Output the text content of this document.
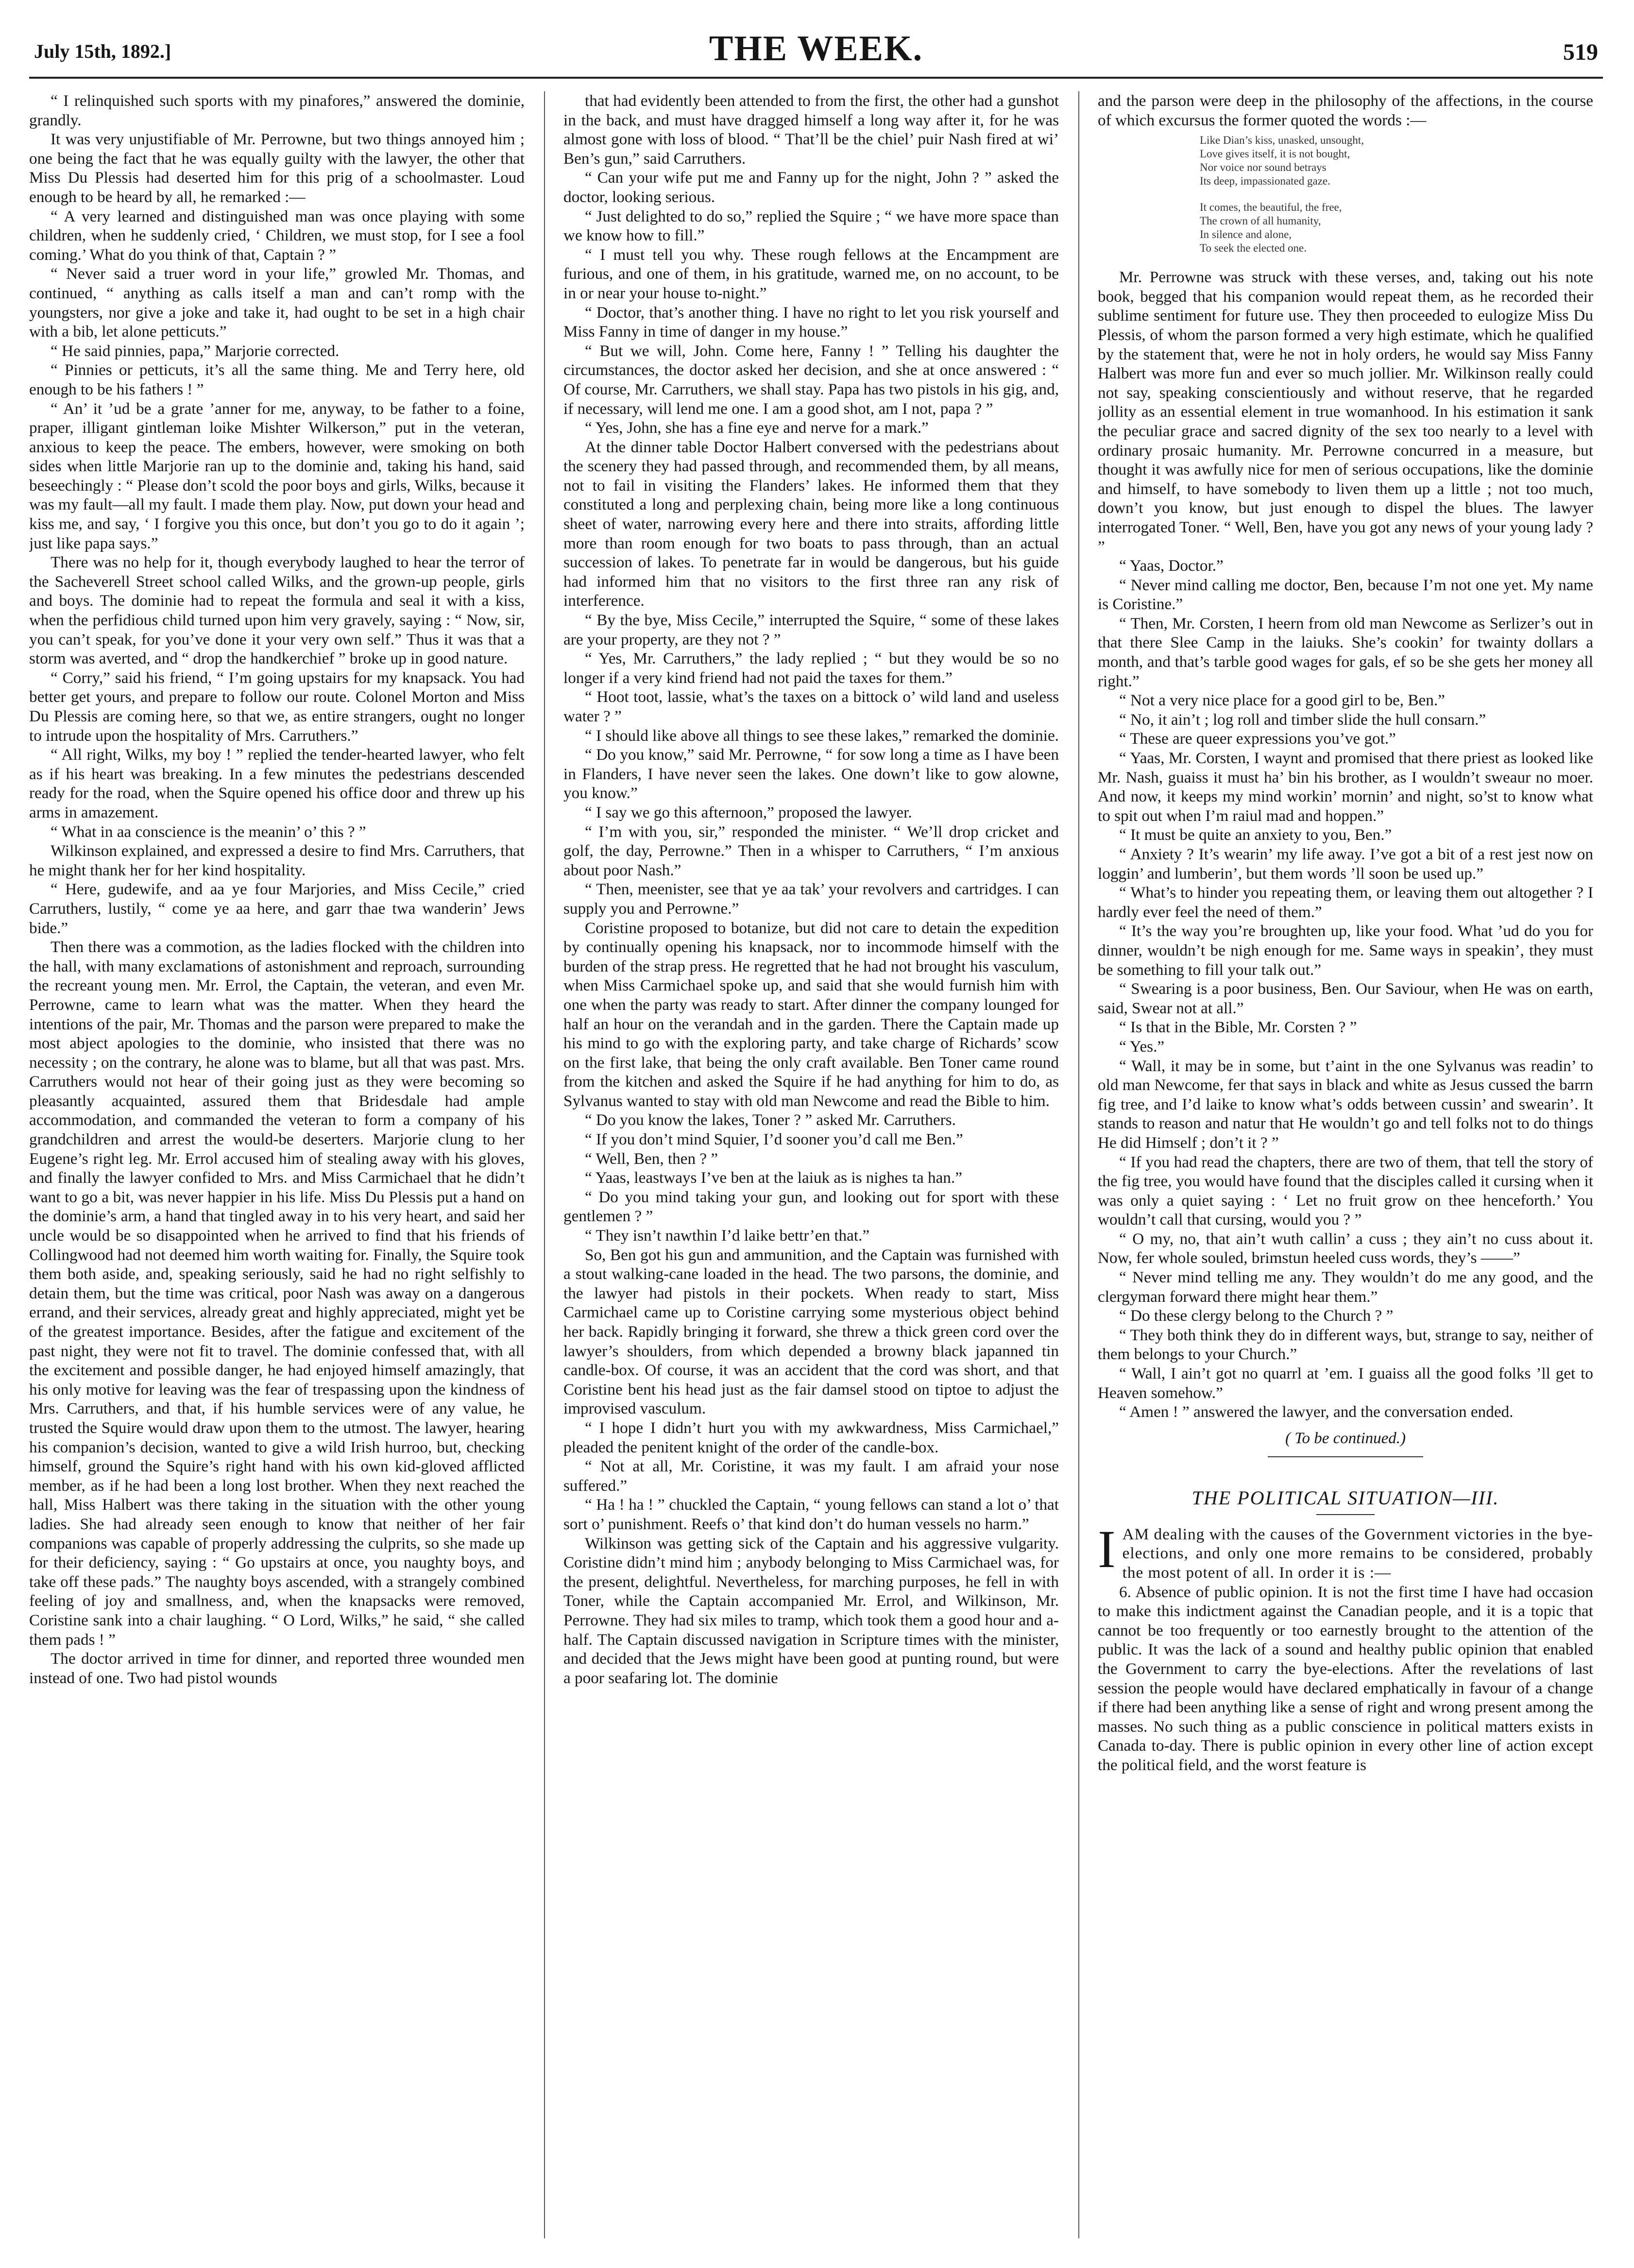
July 15th, 1892.]	THE WEEK.	519

“ I relinquished such sports with my pinafores,” answered the dominie, grandly.

It was very unjustifiable of Mr. Perrowne, but two things annoyed him ; one being the fact that he was equally guilty with the lawyer, the other that Miss Du Plessis had deserted him for this prig of a schoolmaster. Loud enough to be heard by all, he remarked :—

“ A very learned and distinguished man was once playing with some children, when he suddenly cried, ‘ Children, we must stop, for I see a fool coming.’ What do you think of that, Captain ? ”

“ Never said a truer word in your life,” growled Mr. Thomas, and continued, “ anything as calls itself a man and can’t romp with the youngsters, nor give a joke and take it, had ought to be set in a high chair with a bib, let alone petticuts.”

“ He said pinnies, papa,” Marjorie corrected.

“ Pinnies or petticuts, it’s all the same thing. Me and Terry here, old enough to be his fathers ! ”

“ An’ it ’ud be a grate ’anner for me, anyway, to be father to a foine, praper, illigant gintleman loike Mishter Wilkerson,” put in the veteran, anxious to keep the peace. The embers, however, were smoking on both sides when little Marjorie ran up to the dominie and, taking his hand, said beseechingly : “ Please don’t scold the poor boys and girls, Wilks, because it was my fault—all my fault. I made them play. Now, put down your head and kiss me, and say, ‘ I forgive you this once, but don’t you go to do it again ’; just like papa says.”

There was no help for it, though everybody laughed to hear the terror of the Sacheverell Street school called Wilks, and the grown-up people, girls and boys. The dominie had to repeat the formula and seal it with a kiss, when the perfidious child turned upon him very gravely, saying : “ Now, sir, you can’t speak, for you’ve done it your very own self.” Thus it was that a storm was averted, and “ drop the handkerchief ” broke up in good nature.

“ Corry,” said his friend, “ I’m going upstairs for my knapsack. You had better get yours, and prepare to follow our route. Colonel Morton and Miss Du Plessis are coming here, so that we, as entire strangers, ought no longer to intrude upon the hospitality of Mrs. Carruthers.”

“ All right, Wilks, my boy ! ” replied the tender-hearted lawyer, who felt as if his heart was breaking. In a few minutes the pedestrians descended ready for the road, when the Squire opened his office door and threw up his arms in amazement.

“ What in aa conscience is the meanin’ o’ this ? ”

Wilkinson explained, and expressed a desire to find Mrs. Carruthers, that he might thank her for her kind hospitality.

“ Here, gudewife, and aa ye four Marjories, and Miss Cecile,” cried Carruthers, lustily, “ come ye aa here, and garr thae twa wanderin’ Jews bide.”

Then there was a commotion, as the ladies flocked with the children into the hall, with many exclamations of astonishment and reproach, surrounding the recreant young men. Mr. Errol, the Captain, the veteran, and even Mr. Perrowne, came to learn what was the matter. When they heard the intentions of the pair, Mr. Thomas and the parson were prepared to make the most abject apologies to the dominie, who insisted that there was no necessity ; on the contrary, he alone was to blame, but all that was past. Mrs. Carruthers would not hear of their going just as they were becoming so pleasantly acquainted, assured them that Bridesdale had ample accommodation, and commanded the veteran to form a company of his grandchildren and arrest the would-be deserters. Marjorie clung to her Eugene’s right leg. Mr. Errol accused him of stealing away with his gloves, and finally the lawyer confided to Mrs. and Miss Carmichael that he didn’t want to go a bit, was never happier in his life. Miss Du Plessis put a hand on the dominie’s arm, a hand that tingled away in to his very heart, and said her uncle would be so disappointed when he arrived to find that his friends of Collingwood had not deemed him worth waiting for. Finally, the Squire took them both aside, and, speaking seriously, said he had no right selfishly to detain them, but the time was critical, poor Nash was away on a dangerous errand, and their services, already great and highly appreciated, might yet be of the greatest importance. Besides, after the fatigue and excitement of the past night, they were not fit to travel. The dominie confessed that, with all the excitement and possible danger, he had enjoyed himself amazingly, that his only motive for leaving was the fear of trespassing upon the kindness of Mrs. Carruthers, and that, if his humble services were of any value, he trusted the Squire would draw upon them to the utmost. The lawyer, hearing his companion’s decision, wanted to give a wild Irish hurroo, but, checking himself, ground the Squire’s right hand with his own kid-gloved afflicted member, as if he had been a long lost brother. When they next reached the hall, Miss Halbert was there taking in the situation with the other young ladies. She had already seen enough to know that neither of her fair companions was capable of properly addressing the culprits, so she made up for their deficiency, saying : “ Go upstairs at once, you naughty boys, and take off these pads.” The naughty boys ascended, with a strangely combined feeling of joy and smallness, and, when the knapsacks were removed, Coristine sank into a chair laughing. “ O Lord, Wilks,” he said, “ she called them pads ! ”

The doctor arrived in time for dinner, and reported three wounded men instead of one. Two had pistol wounds

that had evidently been attended to from the first, the other had a gunshot in the back, and must have dragged himself a long way after it, for he was almost gone with loss of blood. “ That’ll be the chiel’ puir Nash fired at wi’ Ben’s gun,” said Carruthers.

“ Can your wife put me and Fanny up for the night, John ? ” asked the doctor, looking serious.

“ Just delighted to do so,” replied the Squire ; “ we have more space than we know how to fill.”

“ I must tell you why. These rough fellows at the Encampment are furious, and one of them, in his gratitude, warned me, on no account, to be in or near your house to-night.”

“ Doctor, that’s another thing. I have no right to let you risk yourself and Miss Fanny in time of danger in my house.”

“ But we will, John. Come here, Fanny ! ” Telling his daughter the circumstances, the doctor asked her decision, and she at once answered : “ Of course, Mr. Carruthers, we shall stay. Papa has two pistols in his gig, and, if necessary, will lend me one. I am a good shot, am I not, papa ? ”

“ Yes, John, she has a fine eye and nerve for a mark.”

At the dinner table Doctor Halbert conversed with the pedestrians about the scenery they had passed through, and recommended them, by all means, not to fail in visiting the Flanders’ lakes. He informed them that they constituted a long and perplexing chain, being more like a long continuous sheet of water, narrowing every here and there into straits, affording little more than room enough for two boats to pass through, than an actual succession of lakes. To penetrate far in would be dangerous, but his guide had informed him that no visitors to the first three ran any risk of interference.

“ By the bye, Miss Cecile,” interrupted the Squire, “ some of these lakes are your property, are they not ? ”

“ Yes, Mr. Carruthers,” the lady replied ; “ but they would be so no longer if a very kind friend had not paid the taxes for them.”

“ Hoot toot, lassie, what’s the taxes on a bittock o’ wild land and useless water ? ”

“ I should like above all things to see these lakes,” remarked the dominie.

“ Do you know,” said Mr. Perrowne, “ for sow long a time as I have been in Flanders, I have never seen the lakes. One down’t like to gow alowne, you know.”

“ I say we go this afternoon,” proposed the lawyer.

“ I’m with you, sir,” responded the minister. “ We’ll drop cricket and golf, the day, Perrowne.” Then in a whisper to Carruthers, “ I’m anxious about poor Nash.”

“ Then, meenister, see that ye aa tak’ your revolvers and cartridges. I can supply you and Perrowne.”

Coristine proposed to botanize, but did not care to detain the expedition by continually opening his knapsack, nor to incommode himself with the burden of the strap press. He regretted that he had not brought his vasculum, when Miss Carmichael spoke up, and said that she would furnish him with one when the party was ready to start. After dinner the company lounged for half an hour on the verandah and in the garden. There the Captain made up his mind to go with the exploring party, and take charge of Richards’ scow on the first lake, that being the only craft available. Ben Toner came round from the kitchen and asked the Squire if he had anything for him to do, as Sylvanus wanted to stay with old man Newcome and read the Bible to him.

“ Do you know the lakes, Toner ? ” asked Mr. Carruthers.

“ If you don’t mind Squier, I’d sooner you’d call me Ben.”

“ Well, Ben, then ? ”

“ Yaas, leastways I’ve ben at the laiuk as is nighes ta han.”

“ Do you mind taking your gun, and looking out for sport with these gentlemen ? ”

“ They isn’t nawthin I’d laike bettr’en that.”

So, Ben got his gun and ammunition, and the Captain was furnished with a stout walking-cane loaded in the head. The two parsons, the dominie, and the lawyer had pistols in their pockets. When ready to start, Miss Carmichael came up to Coristine carrying some mysterious object behind her back. Rapidly bringing it forward, she threw a thick green cord over the lawyer’s shoulders, from which depended a browny black japanned tin candle-box. Of course, it was an accident that the cord was short, and that Coristine bent his head just as the fair damsel stood on tiptoe to adjust the improvised vasculum.

“ I hope I didn’t hurt you with my awkwardness, Miss Carmichael,” pleaded the penitent knight of the order of the candle-box.

“ Not at all, Mr. Coristine, it was my fault. I am afraid your nose suffered.”

“ Ha ! ha ! ” chuckled the Captain, “ young fellows can stand a lot o’ that sort o’ punishment. Reefs o’ that kind don’t do human vessels no harm.”

Wilkinson was getting sick of the Captain and his aggressive vulgarity. Coristine didn’t mind him ; anybody belonging to Miss Carmichael was, for the present, delightful. Nevertheless, for marching purposes, he fell in with Toner, while the Captain accompanied Mr. Errol, and Wilkinson, Mr. Perrowne. They had six miles to tramp, which took them a good hour and a-half. The Captain discussed navigation in Scripture times with the minister, and decided that the Jews might have been good at punting round, but were a poor seafaring lot. The dominie

and the parson were deep in the philosophy of the affections, in the course of which excursus the former quoted the words :—

Like Dian’s kiss, unasked, unsought,
Love gives itself, it is not bought,
Nor voice nor sound betrays
Its deep, impassionated gaze.
It comes, the beautiful, the free,
The crown of all humanity,
In silence and alone,
To seek the elected one.

Mr. Perrowne was struck with these verses, and, taking out his note book, begged that his companion would repeat them, as he recorded their sublime sentiment for future use. They then proceeded to eulogize Miss Du Plessis, of whom the parson formed a very high estimate, which he qualified by the statement that, were he not in holy orders, he would say Miss Fanny Halbert was more fun and ever so much jollier. Mr. Wilkinson really could not say, speaking conscientiously and without reserve, that he regarded jollity as an essential element in true womanhood. In his estimation it sank the peculiar grace and sacred dignity of the sex too nearly to a level with ordinary prosaic humanity. Mr. Perrowne concurred in a measure, but thought it was awfully nice for men of serious occupations, like the dominie and himself, to have somebody to liven them up a little ; not too much, down’t you know, but just enough to dispel the blues. The lawyer interrogated Toner. “ Well, Ben, have you got any news of your young lady ? ”

“ Yaas, Doctor.”

“ Never mind calling me doctor, Ben, because I’m not one yet. My name is Coristine.”

“ Then, Mr. Corsten, I heern from old man Newcome as Serlizer’s out in that there Slee Camp in the laiuks. She’s cookin’ for twainty dollars a month, and that’s tarble good wages for gals, ef so be she gets her money all right.”

“ Not a very nice place for a good girl to be, Ben.”

“ No, it ain’t ; log roll and timber slide the hull consarn.”

“ These are queer expressions you’ve got.”

“ Yaas, Mr. Corsten, I waynt and promised that there priest as looked like Mr. Nash, guaiss it must ha’ bin his brother, as I wouldn’t sweaur no moer. And now, it keeps my mind workin’ mornin’ and night, so’st to know what to spit out when I’m raiul mad and hoppen.”

“ It must be quite an anxiety to you, Ben.”

“ Anxiety ? It’s wearin’ my life away. I’ve got a bit of a rest jest now on loggin’ and lumberin’, but them words ’ll soon be used up.”

“ What’s to hinder you repeating them, or leaving them out altogether ? I hardly ever feel the need of them.”

“ It’s the way you’re broughten up, like your food. What ’ud do you for dinner, wouldn’t be nigh enough for me. Same ways in speakin’, they must be something to fill your talk out.”

“ Swearing is a poor business, Ben. Our Saviour, when He was on earth, said, Swear not at all.”

“ Is that in the Bible, Mr. Corsten ? ”

“ Yes.”

“ Wall, it may be in some, but t’aint in the one Sylvanus was readin’ to old man Newcome, fer that says in black and white as Jesus cussed the barrn fig tree, and I’d laike to know what’s odds between cussin’ and swearin’. It stands to reason and natur that He wouldn’t go and tell folks not to do things He did Himself ; don’t it ? ”

“ If you had read the chapters, there are two of them, that tell the story of the fig tree, you would have found that the disciples called it cursing when it was only a quiet saying : ‘ Let no fruit grow on thee henceforth.’ You wouldn’t call that cursing, would you ? ”

“ O my, no, that ain’t wuth callin’ a cuss ; they ain’t no cuss about it. Now, fer whole souled, brimstun heeled cuss words, they’s ——”

“ Never mind telling me any. They wouldn’t do me any good, and the clergyman forward there might hear them.”

“ Do these clergy belong to the Church ? ”

“ They both think they do in different ways, but, strange to say, neither of them belongs to your Church.”

“ Wall, I ain’t got no quarrl at ’em. I guaiss all the good folks ’ll get to Heaven somehow.”

“ Amen ! ” answered the lawyer, and the conversation ended.

( To be continued.)
THE POLITICAL SITUATION—III.

IAM dealing with the causes of the Government victories in the bye-elections, and only one more remains to be considered, probably the most potent of all. In order it is :—

6. Absence of public opinion. It is not the first time I have had occasion to make this indictment against the Canadian people, and it is a topic that cannot be too frequently or too earnestly brought to the attention of the public. It was the lack of a sound and healthy public opinion that enabled the Government to carry the bye-elections. After the revelations of last session the people would have declared emphatically in favour of a change if there had been anything like a sense of right and wrong present among the masses. No such thing as a public conscience in political matters exists in Canada to-day. There is public opinion in every other line of action except the political field, and the worst feature is
